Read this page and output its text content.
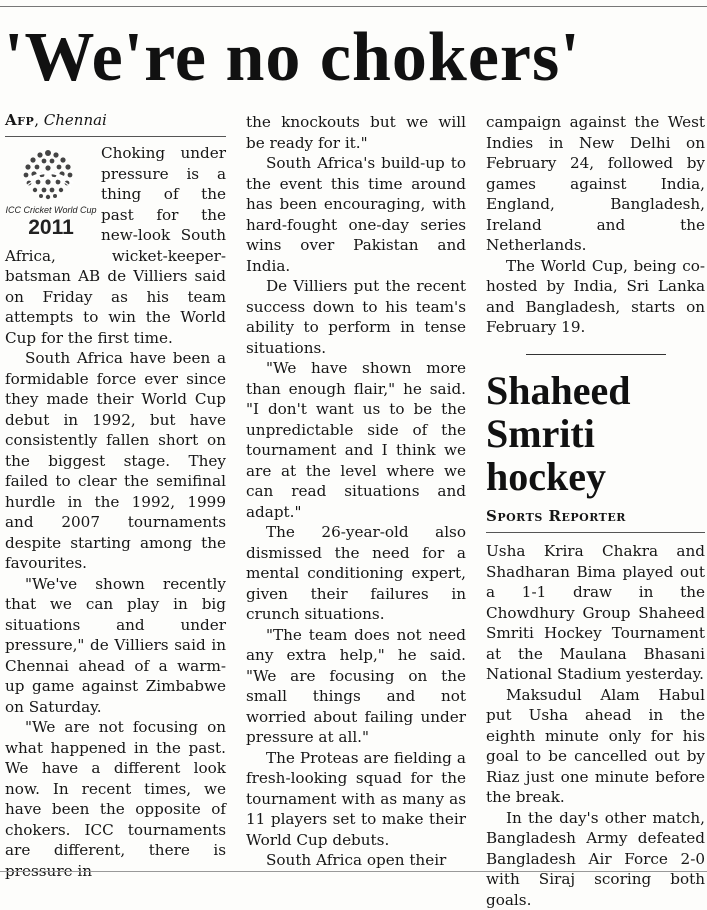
'We're no chokers'
Afp, Chennai
ICC Cricket World Cup
2011

Choking under pressure is a thing of the past for the new-look South Africa, wicket-keeper-batsman AB de Villiers said on Friday as his team attempts to win the World Cup for the first time.

South Africa have been a formidable force ever since they made their World Cup debut in 1992, but have consistently fallen short on the biggest stage. They failed to clear the semifinal hurdle in the 1992, 1999 and 2007 tournaments despite starting among the favourites.

"We've shown recently that we can play in big situations and under pressure," de Villiers said in Chennai ahead of a warm-up game against Zimbabwe on Saturday.

"We are not focusing on what happened in the past. We have a different look now. In recent times, we have been the opposite of chokers. ICC tournaments are different, there is pressure in

the knockouts but we will be ready for it."

South Africa's build-up to the event this time around has been encouraging, with hard-fought one-day series wins over Pakistan and India.

De Villiers put the recent success down to his team's ability to perform in tense situations.

"We have shown more than enough flair," he said. "I don't want us to be the unpredictable side of the tournament and I think we are at the level where we can read situations and adapt."

The 26-year-old also dismissed the need for a mental conditioning expert, given their failures in crunch situations.

"The team does not need any extra help," he said. "We are focusing on the small things and not worried about failing under pressure at all."

The Proteas are fielding a fresh-looking squad for the tournament with as many as 11 players set to make their World Cup debuts.

South Africa open their

campaign against the West Indies in New Delhi on February 24, followed by games against India, England, Bangladesh, Ireland and the Netherlands.

The World Cup, being co-hosted by India, Sri Lanka and Bangladesh, starts on February 19.

Shaheed
Smriti
hockey
Sports Reporter

Usha Krira Chakra and Shadharan Bima played out a 1-1 draw in the Chowdhury Group Shaheed Smriti Hockey Tournament at the Maulana Bhasani National Stadium yesterday.

Maksudul Alam Habul put Usha ahead in the eighth minute only for his goal to be cancelled out by Riaz just one minute before the break.

In the day's other match, Bangladesh Army defeated Bangladesh Air Force 2-0 with Siraj scoring both goals.
